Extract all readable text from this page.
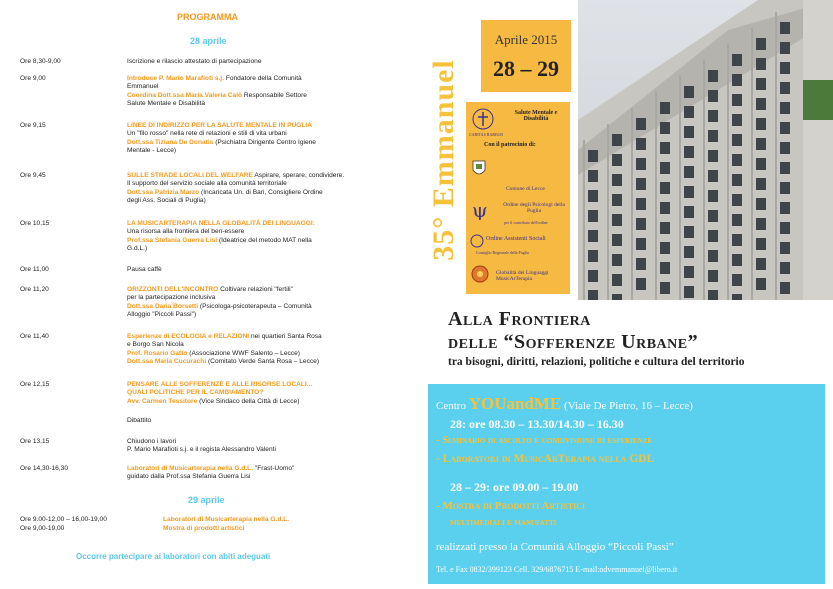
PROGRAMMA
28 aprile
Ore 8,30-9,00	Iscrizione e rilascio attestato di partecipazione
Ore 9,00	Introduce P. Mario Marafioti s.j. Fondatore della Comunità
Emmanuel
Coordina Dott.ssa Maria Valeria Calò Responsabile Settore
Salute Mentale e Disabilità
Ore 9,15	LINEE DI INDIRIZZO PER LA SALUTE MENTALE IN PUGLIA
Un "filo rosso" nella rete di relazioni e stili di vita urbani
Dott.ssa Tiziana De Donatis (Psichiatra Dirigente Centro Igiene
Mentale - Lecce)
Ore 9,45	SULLE STRADE LOCALI DEL WELFARE Aspirare, sperare, condividere.
Il supporto del servizio sociale alla comunità territoriale
Dott.ssa Patrizia Marzo (Incaricata Un. di Bari, Consigliere Ordine
degli Ass. Sociali di Puglia)
Ore 10,15	LA MUSICARTERAPIA NELLA GLOBALITÀ DEI LINGUAGGI:
Una risorsa alla frontiera del ben-essere
Prof.ssa Stefania Guerra Lisi (Ideatrice del metodo MAT nella
G.d.L.)
Ore 11,00	Pausa caffè
Ore 11,20	ORIZZONTI DELL'INCONTRO Coltivare relazioni "fertili"
per la partecipazione inclusiva
Dott.ssa Daria Borsetti (Psicologa-psicoterapeuta – Comunità
Alloggio "Piccoli Passi")
Ore 11,40	Esperienze di ECOLOGIA e RELAZIONI nei quartieri Santa Rosa
e Borgo San Nicola
Prof. Rosario Gatto (Associazione WWF Salento – Lecce)
Dott.ssa Maria Cucurachi (Comitato Verde Santa Rosa – Lecce)
Ore 12,15	PENSARE ALLE SOFFERENZE E ALLE RISORSE LOCALI...
QUALI POLITICHE PER IL CAMBIAMENTO?
Avv. Carmen Tessitore (Vice Sindaco della Città di Lecce)
Dibattito
Ore 13,15	Chiudono i lavori
P. Mario Marafioti s.j. e il regista Alessandro Valenti
Ore 14,30-16,30	Laboratori di Musicarterapia nella G.d.L. "Frast-Uomo"
guidato dalla Prof.ssa Stefania Guerra Lisi
29 aprile
Ore 9.00-12,00 – 16,00-19,00	Laboratori di Musicarterapia nella G.d.L.
Ore 9,00-19,00	Mostra di prodotti artistici
Occorre partecipare ai laboratori con abiti adeguati
35° Emmanuel
Aprile 2015
28 – 29
CARITAS BARIUM
Salute Mentale e Disabilità
Con il patrocinio di:
Comune di Lecce
ψ	Ordine degli Psicologi della Puglia
per il contributo dell'ordine
Ordine Assistenti Sociali
Consiglio Regionale della Puglia
Globalità dei Linguaggi MusicArTerapia
Alla Frontiera
delle “Sofferenze Urbane”
tra bisogni, diritti, relazioni, politiche e cultura del territorio
Centro YOUandME (Viale De Pietro, 16 – Lecce)
28: ore 08.30 – 13.30/14.30 – 16.30
- Seminario di ascolto e condivisione di esperienze
- Laboratori di MusicArTerapia nella GDL
28 – 29: ore 09.00 – 19.00
- Mostra di Prodotti Artistici
multimediali e manufatti
realizzati presso la Comunità Alloggio “Piccoli Passi”
Tel. e Fax 0832/399123 Cell. 329/6876715 E-mail:odvemmanuel@libero.it
